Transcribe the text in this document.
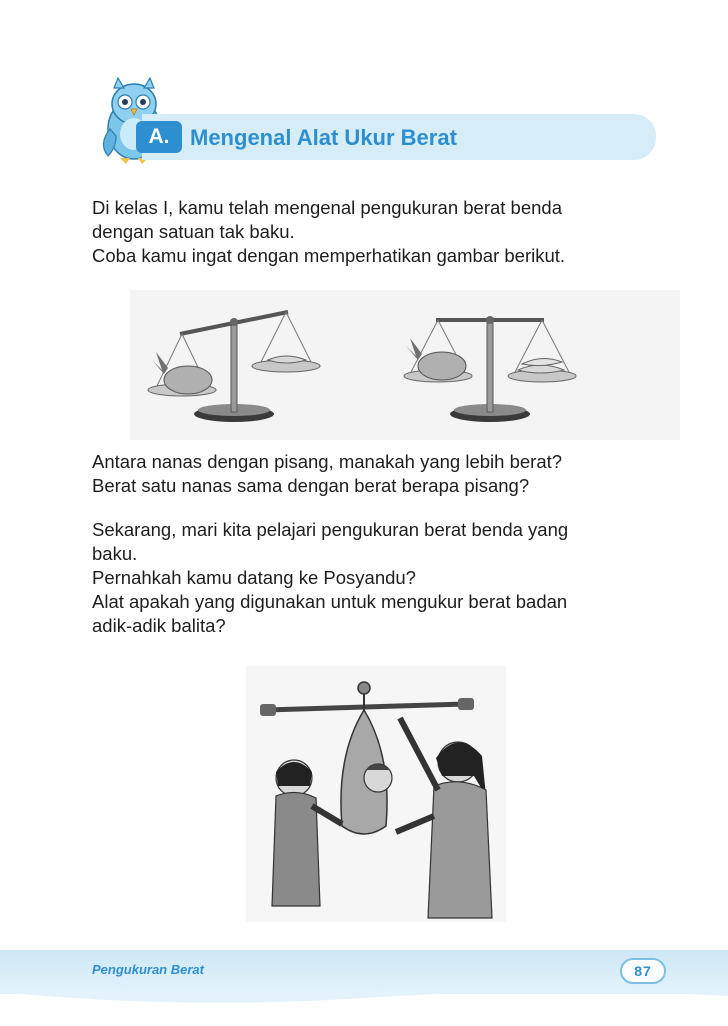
A. Mengenal Alat Ukur Berat
Di kelas I, kamu telah mengenal pengukuran berat benda
dengan satuan tak baku.
Coba kamu ingat dengan memperhatikan gambar berikut.
Antara nanas dengan pisang, manakah yang lebih berat?
Berat satu nanas sama dengan berat berapa pisang?
Sekarang, mari kita pelajari pengukuran berat benda yang
baku.
Pernahkah kamu datang ke Posyandu?
Alat apakah yang digunakan untuk mengukur berat badan
adik-adik balita?
Pengukuran Berat	87
